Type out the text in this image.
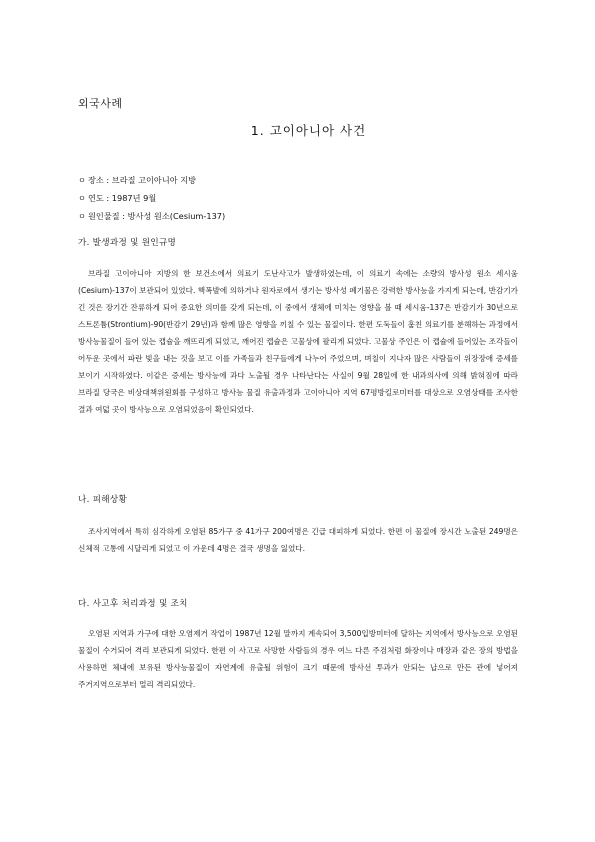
외국사례
1. 고이아니아 사건
ㅇ 장소 : 브라질 고이아니아 지방
ㅇ 연도 : 1987년 9월
ㅇ 원인물질 : 방사성 원소(Cesium-137)
가. 발생과정 및 원인규명

브라질 고이아니아 지방의 한 보건소에서 의료기 도난사고가 발생하였는데, 이 의료기 속에는 소량의 방사성 원소 세시움(Cesium)-137이 보관되어 있었다. 핵폭발에 의하거나 원자로에서 생기는 방사성 폐기물은 강력한 방사능을 가지게 되는데, 반감기가 긴 것은 장기간 잔류하게 되어 중요한 의미를 갖게 되는데, 이 중에서 생체에 미치는 영향을 볼 때 세시움-137은 반감기가 30년으로 스트론튬(Strontium)-90(반감기 29년)과 함께 많은 영향을 끼칠 수 있는 물질이다. 한편 도둑들이 훔친 의료기를 분해하는 과정에서 방사능물질이 들어 있는 캡슐을 깨뜨리게 되었고, 깨어진 캡슐은 고물상에 팔리게 되었다. 고물상 주인은 이 캡슐에 들어있는 조각들이 어두운 곳에서 파란 빛을 내는 것을 보고 이를 가족들과 친구들에게 나누어 주었으며, 며칠이 지나자 많은 사람들이 위장장애 증세를 보이기 시작하였다. 이같은 증세는 방사능에 과다 노출될 경우 나타난다는 사실이 9월 28일에 한 내과의사에 의해 밝혀짐에 따라 브라질 당국은 비상대책위원회를 구성하고 방사능 물질 유출과정과 고이아니아 지역 67평방킬로미터를 대상으로 오염상태를 조사한 결과 여덟 곳이 방사능으로 오염되었음이 확인되었다.

나. 피해상황

조사지역에서 특히 심각하게 오염된 85가구 중 41가구 200여명은 긴급 대피하게 되었다. 한편 이 물질에 장시간 노출된 249명은 신체적 고통에 시달리게 되었고 이 가운데 4명은 결국 생명을 잃었다.

다. 사고후 처리과정 및 조치

오염된 지역과 가구에 대한 오염제거 작업이 1987년 12월 말까지 계속되어 3,500입방미터에 달하는 지역에서 방사능으로 오염된 물질이 수거되어 격리 보관되게 되었다. 한편 이 사고로 사망한 사람들의 경우 여느 다른 주검처럼 화장이나 매장과 같은 장의 방법을 사용하면 체내에 보유된 방사능물질이 자연계에 유출될 위험이 크기 때문에 방사선 투과가 안되는 납으로 만든 관에 넣어져 주거지역으로부터 멀리 격리되었다.
